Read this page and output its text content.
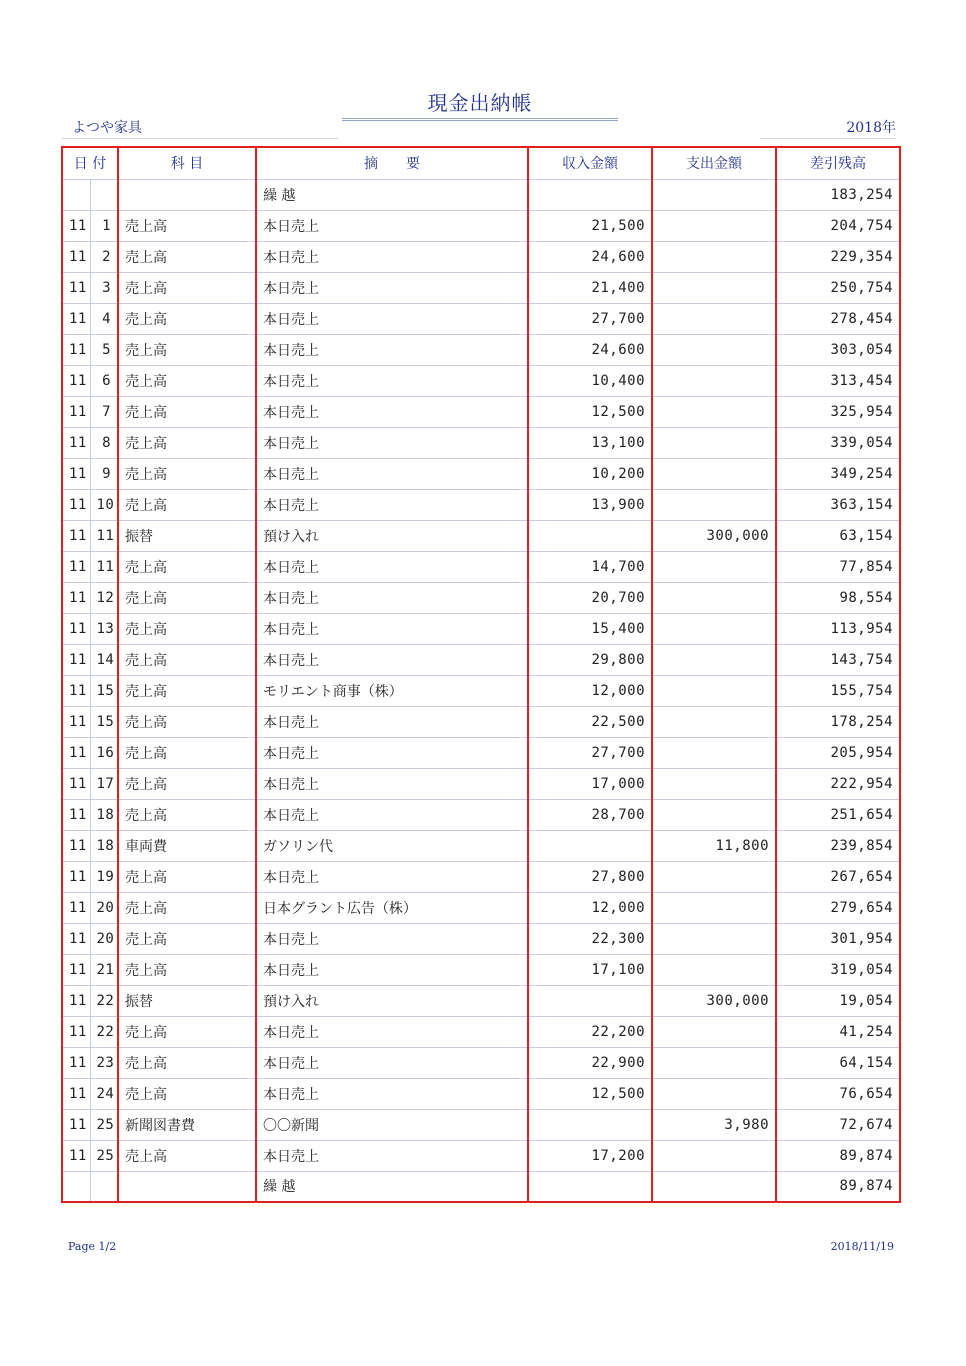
現金出納帳
よつや家具	2018年
日 付		科 目	摘　　要	収入金額	支出金額	差引残高
			繰 越			183,254
11	1	売上高	本日売上	21,500		204,754
11	2	売上高	本日売上	24,600		229,354
11	3	売上高	本日売上	21,400		250,754
11	4	売上高	本日売上	27,700		278,454
11	5	売上高	本日売上	24,600		303,054
11	6	売上高	本日売上	10,400		313,454
11	7	売上高	本日売上	12,500		325,954
11	8	売上高	本日売上	13,100		339,054
11	9	売上高	本日売上	10,200		349,254
11	10	売上高	本日売上	13,900		363,154
11	11	振替	預け入れ		300,000	63,154
11	11	売上高	本日売上	14,700		77,854
11	12	売上高	本日売上	20,700		98,554
11	13	売上高	本日売上	15,400		113,954
11	14	売上高	本日売上	29,800		143,754
11	15	売上高	モリエント商事（株）	12,000		155,754
11	15	売上高	本日売上	22,500		178,254
11	16	売上高	本日売上	27,700		205,954
11	17	売上高	本日売上	17,000		222,954
11	18	売上高	本日売上	28,700		251,654
11	18	車両費	ガソリン代		11,800	239,854
11	19	売上高	本日売上	27,800		267,654
11	20	売上高	日本グラント広告（株）	12,000		279,654
11	20	売上高	本日売上	22,300		301,954
11	21	売上高	本日売上	17,100		319,054
11	22	振替	預け入れ		300,000	19,054
11	22	売上高	本日売上	22,200		41,254
11	23	売上高	本日売上	22,900		64,154
11	24	売上高	本日売上	12,500		76,654
11	25	新聞図書費	〇〇新聞		3,980	72,674
11	25	売上高	本日売上	17,200		89,874
			繰 越			89,874
Page 1/2	2018/11/19
